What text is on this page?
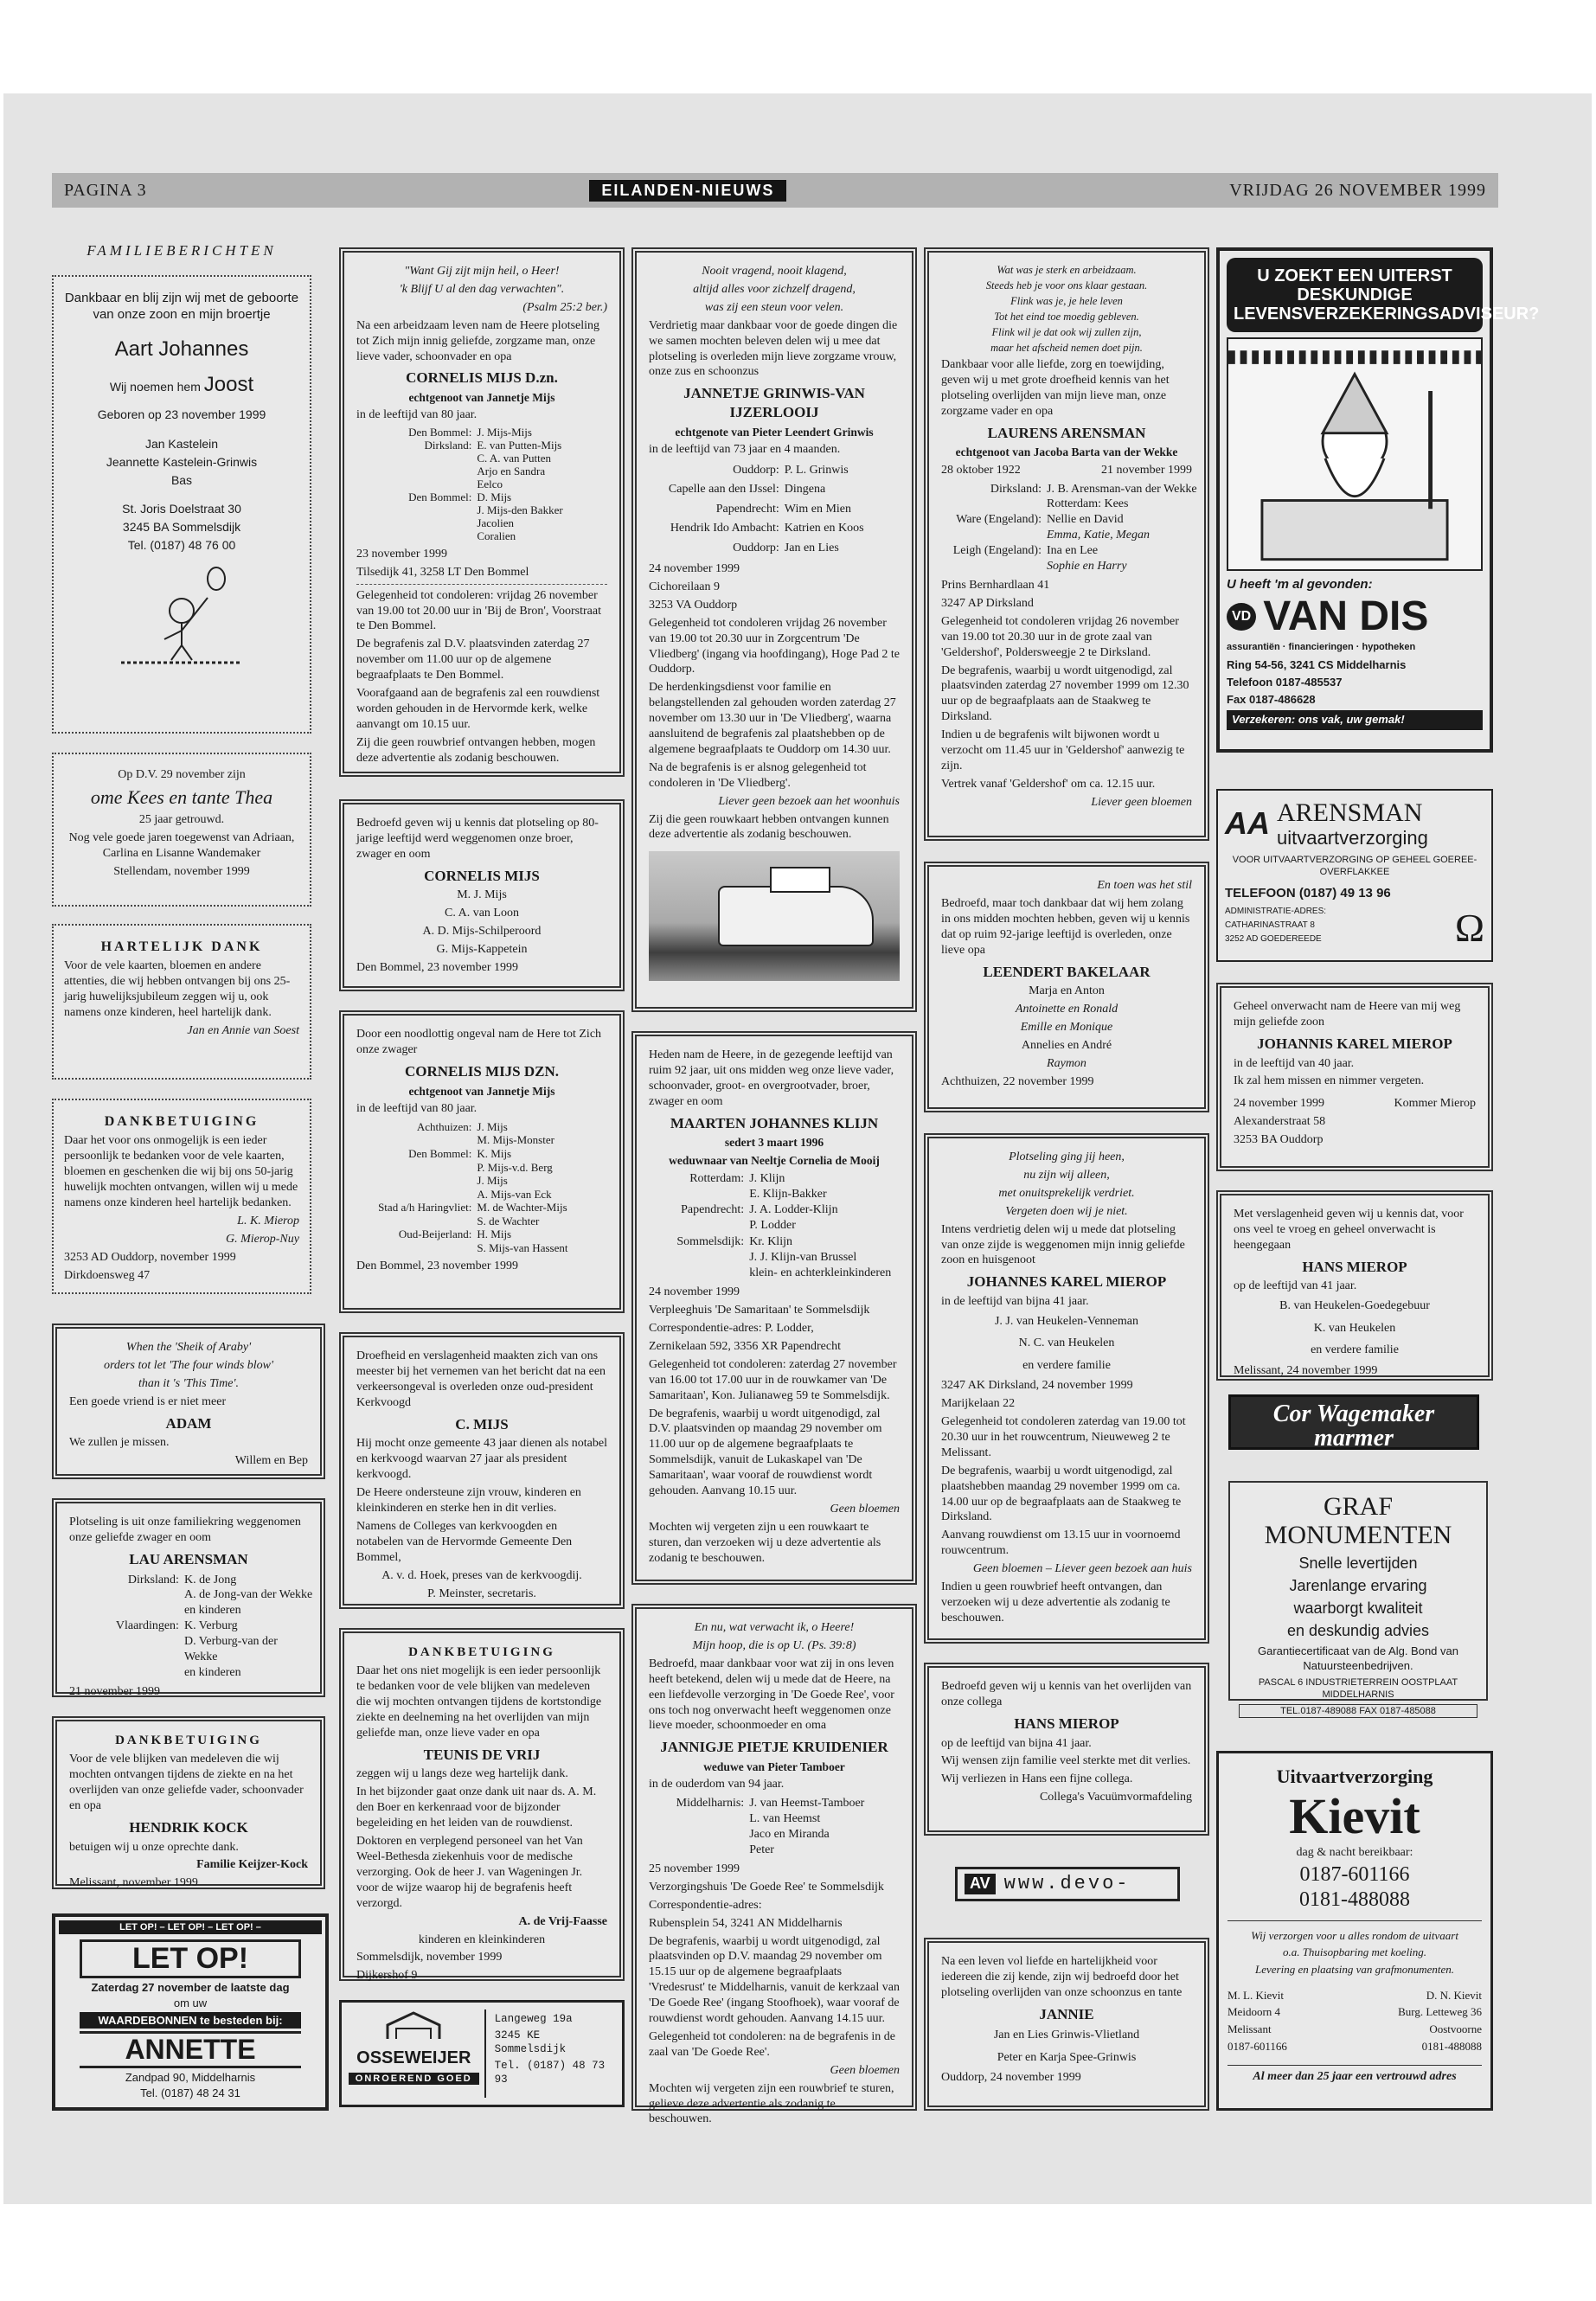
PAGINA 3	EILANDEN-NIEUWS	VRIJDAG 26 NOVEMBER 1999
FAMILIEBERICHTEN

Dankbaar en blij zijn wij met de geboorte van onze zoon en mijn broertje

Aart Johannes

Wij noemen hem Joost

Geboren op 23 november 1999

Jan Kastelein

Jeannette Kastelein-Grinwis

Bas

St. Joris Doelstraat 30

3245 BA Sommelsdijk

Tel. (0187) 48 76 00

Op D.V. 29 november zijn

ome Kees en tante Thea

25 jaar getrouwd.

Nog vele goede jaren toegewenst van Adriaan, Carlina en Lisanne Wandemaker

Stellendam, november 1999

HARTELIJK DANK

Voor de vele kaarten, bloemen en andere attenties, die wij hebben ontvangen bij ons 25-jarig huwelijksjubileum zeggen wij u, ook namens onze kinderen, heel hartelijk dank.

Jan en Annie van Soest

DANKBETUIGING

Daar het voor ons onmogelijk is een ieder persoonlijk te bedanken voor de vele kaarten, bloemen en geschenken die wij bij ons 50-jarig huwelijk mochten ontvangen, willen wij u mede namens onze kinderen heel hartelijk bedanken.

L. K. Mierop

G. Mierop-Nuy

3253 AD Ouddorp, november 1999

Dirkdoensweg 47

When the 'Sheik of Araby'

orders tot let 'The four winds blow'

than it 's 'This Time'.

Een goede vriend is er niet meer

ADAM

We zullen je missen.

Willem en Bep

Plotseling is uit onze familiekring weggenomen onze geliefde zwager en oom

LAU ARENSMAN

Dirksland: K. de Jong
A. de Jong-van der Wekke
en kinderen
Vlaardingen: K. Verburg
D. Verburg-van der Wekke
en kinderen

21 november 1999

DANKBETUIGING

Voor de vele blijken van medeleven die wij mochten ontvangen tijdens de ziekte en na het overlijden van onze geliefde vader, schoonvader en opa

HENDRIK KOCK

betuigen wij u onze oprechte dank.

Familie Keijzer-Kock

Melissant, november 1999

LET OP! – LET OP! – LET OP! –
LET OP!

Zaterdag 27 november de laatste dag

om uw

WAARDEBONNEN te besteden bij:

ANNETTE

Zandpad 90, Middelharnis

Tel. (0187) 48 24 31

"Want Gij zijt mijn heil, o Heer!

'k Blijf U al den dag verwachten".

(Psalm 25:2 ber.)

Na een arbeidzaam leven nam de Heere plotseling tot Zich mijn innig geliefde, zorgzame man, onze lieve vader, schoonvader en opa

CORNELIS MIJS D.zn.

echtgenoot van Jannetje Mijs

in de leeftijd van 80 jaar.

Den Bommel: J. Mijs-Mijs
Dirksland: E. van Putten-Mijs
C. A. van Putten
Arjo en Sandra
Eelco
Den Bommel: D. Mijs
J. Mijs-den Bakker
Jacolien
Coralien

23 november 1999

Tilsedijk 41, 3258 LT Den Bommel

Gelegenheid tot condoleren: vrijdag 26 november van 19.00 tot 20.00 uur in 'Bij de Bron', Voorstraat te Den Bommel.

De begrafenis zal D.V. plaatsvinden zaterdag 27 november om 11.00 uur op de algemene begraafplaats te Den Bommel.

Voorafgaand aan de begrafenis zal een rouwdienst worden gehouden in de Hervormde kerk, welke aanvangt om 10.15 uur.

Zij die geen rouwbrief ontvangen hebben, mogen deze advertentie als zodanig beschouwen.

Bedroefd geven wij u kennis dat plotseling op 80-jarige leeftijd werd weggenomen onze broer, zwager en oom

CORNELIS MIJS

M. J. Mijs

C. A. van Loon

A. D. Mijs-Schilperoord

G. Mijs-Kappetein

Den Bommel, 23 november 1999

Door een noodlottig ongeval nam de Here tot Zich onze zwager

CORNELIS MIJS DZN.

echtgenoot van Jannetje Mijs

in de leeftijd van 80 jaar.

Achthuizen: J. Mijs
M. Mijs-Monster
Den Bommel: K. Mijs
P. Mijs-v.d. Berg
J. Mijs
A. Mijs-van Eck
Stad a/h Haringvliet: M. de Wachter-Mijs
S. de Wachter
Oud-Beijerland: H. Mijs
S. Mijs-van Hassent

Den Bommel, 23 november 1999

Droefheid en verslagenheid maakten zich van ons meester bij het vernemen van het bericht dat na een verkeersongeval is overleden onze oud-president Kerkvoogd

C. MIJS

Hij mocht onze gemeente 43 jaar dienen als notabel en kerkvoogd waarvan 27 jaar als president kerkvoogd.

De Heere ondersteune zijn vrouw, kinderen en kleinkinderen en sterke hen in dit verlies.

Namens de Colleges van kerkvoogden en notabelen van de Hervormde Gemeente Den Bommel,

A. v. d. Hoek, preses van de kerkvoogdij.

P. Meinster, secretaris.

DANKBETUIGING

Daar het ons niet mogelijk is een ieder persoonlijk te bedanken voor de vele blijken van medeleven die wij mochten ontvangen tijdens de kortstondige ziekte en deelneming na het overlijden van mijn geliefde man, onze lieve vader en opa

TEUNIS DE VRIJ

zeggen wij u langs deze weg hartelijk dank.

In het bijzonder gaat onze dank uit naar ds. A. M. den Boer en kerkenraad voor de bijzonder begeleiding en het leiden van de rouwdienst.

Doktoren en verplegend personeel van het Van Weel-Bethesda ziekenhuis voor de medische verzorging. Ook de heer J. van Wageningen Jr. voor de wijze waarop hij de begrafenis heeft verzorgd.

A. de Vrij-Faasse

kinderen en kleinkinderen

Sommelsdijk, november 1999

Dijkershof 9

OSSEWEIJER

ONROEREND GOED

Langeweg 19a

3245 KE Sommelsdijk

Tel. (0187) 48 73 93

Nooit vragend, nooit klagend,

altijd alles voor zichzelf dragend,

was zij een steun voor velen.

Verdrietig maar dankbaar voor de goede dingen die we samen mochten beleven delen wij u mee dat plotseling is overleden mijn lieve zorgzame vrouw, onze zus en schoonzus

JANNETJE GRINWIS-VAN IJZERLOOIJ

echtgenote van Pieter Leendert Grinwis

in de leeftijd van 73 jaar en 4 maanden.

Ouddorp: P. L. Grinwis
Capelle aan den IJssel: Dingena
Papendrecht: Wim en Mien
Hendrik Ido Ambacht: Katrien en Koos
Ouddorp: Jan en Lies

24 november 1999

Cichoreilaan 9

3253 VA Ouddorp

Gelegenheid tot condoleren vrijdag 26 november van 19.00 tot 20.30 uur in Zorgcentrum 'De Vliedberg' (ingang via hoofdingang), Hoge Pad 2 te Ouddorp.

De herdenkingsdienst voor familie en belangstellenden zal gehouden worden zaterdag 27 november om 13.30 uur in 'De Vliedberg', waarna aansluitend de begrafenis zal plaatshebben op de algemene begraafplaats te Ouddorp om 14.30 uur.

Na de begrafenis is er alsnog gelegenheid tot condoleren in 'De Vliedberg'.

Liever geen bezoek aan het woonhuis

Zij die geen rouwkaart hebben ontvangen kunnen deze advertentie als zodanig beschouwen.

Heden nam de Heere, in de gezegende leeftijd van ruim 92 jaar, uit ons midden weg onze lieve vader, schoonvader, groot- en overgrootvader, broer, zwager en oom

MAARTEN JOHANNES KLIJN

sedert 3 maart 1996

weduwnaar van Neeltje Cornelia de Mooij

Rotterdam: J. Klijn
E. Klijn-Bakker
Papendrecht: J. A. Lodder-Klijn
P. Lodder
Sommelsdijk: Kr. Klijn
J. J. Klijn-van Brussel
klein- en achterkleinkinderen

24 november 1999

Verpleeghuis 'De Samaritaan' te Sommelsdijk

Correspondentie-adres: P. Lodder,

Zernikelaan 592, 3356 XR Papendrecht

Gelegenheid tot condoleren: zaterdag 27 november van 16.00 tot 17.00 uur in de rouwkamer van 'De Samaritaan', Kon. Julianaweg 59 te Sommelsdijk.

De begrafenis, waarbij u wordt uitgenodigd, zal D.V. plaatsvinden op maandag 29 november om 11.00 uur op de algemene begraafplaats te Sommelsdijk, vanuit de Lukaskapel van 'De Samaritaan', waar vooraf de rouwdienst wordt gehouden. Aanvang 10.15 uur.

Geen bloemen

Mochten wij vergeten zijn u een rouwkaart te sturen, dan verzoeken wij u deze advertentie als zodanig te beschouwen.

En nu, wat verwacht ik, o Heere!

Mijn hoop, die is op U. (Ps. 39:8)

Bedroefd, maar dankbaar voor wat zij in ons leven heeft betekend, delen wij u mede dat de Heere, na een liefdevolle verzorging in 'De Goede Ree', voor ons toch nog onverwacht heeft weggenomen onze lieve moeder, schoonmoeder en oma

JANNIGJE PIETJE KRUIDENIER

weduwe van Pieter Tamboer

in de ouderdom van 94 jaar.

Middelharnis: J. van Heemst-Tamboer
L. van Heemst
Jaco en Miranda
Peter

25 november 1999

Verzorgingshuis 'De Goede Ree' te Sommelsdijk

Correspondentie-adres:

Rubensplein 54, 3241 AN Middelharnis

De begrafenis, waarbij u wordt uitgenodigd, zal plaatsvinden op D.V. maandag 29 november om 15.15 uur op de algemene begraafplaats 'Vredesrust' te Middelharnis, vanuit de kerkzaal van 'De Goede Ree' (ingang Stoofhoek), waar vooraf de rouwdienst wordt gehouden. Aanvang 14.15 uur.

Gelegenheid tot condoleren: na de begrafenis in de zaal van 'De Goede Ree'.

Geen bloemen

Mochten wij vergeten zijn een rouwbrief te sturen, gelieve deze advertentie als zodanig te beschouwen.

Wat was je sterk en arbeidzaam.

Steeds heb je voor ons klaar gestaan.

Flink was je, je hele leven

Tot het eind toe moedig gebleven.

Flink wil je dat ook wij zullen zijn,

maar het afscheid nemen doet pijn.

Dankbaar voor alle liefde, zorg en toewijding, geven wij u met grote droefheid kennis van het plotseling overlijden van mijn lieve man, onze zorgzame vader en opa

LAURENS ARENSMAN

echtgenoot van Jacoba Barta van der Wekke

28 oktober 1922	21 november 1999

Dirksland: J. B. Arensman-van der Wekke
Rotterdam: Kees
Ware (Engeland): Nellie en David
Emma, Katie, Megan
Leigh (Engeland): Ina en Lee
Sophie en Harry

Prins Bernhardlaan 41

3247 AP Dirksland

Gelegenheid tot condoleren vrijdag 26 november van 19.00 tot 20.30 uur in de grote zaal van 'Geldershof', Poldersweegje 2 te Dirksland.

De begrafenis, waarbij u wordt uitgenodigd, zal plaatsvinden zaterdag 27 november 1999 om 12.30 uur op de begraafplaats aan de Staakweg te Dirksland.

Indien u de begrafenis wilt bijwonen wordt u verzocht om 11.45 uur in 'Geldershof' aanwezig te zijn.

Vertrek vanaf 'Geldershof' om ca. 12.15 uur.

Liever geen bloemen

En toen was het stil

Bedroefd, maar toch dankbaar dat wij hem zolang in ons midden mochten hebben, geven wij u kennis dat op ruim 92-jarige leeftijd is overleden, onze lieve opa

LEENDERT BAKELAAR

Marja en Anton

Antoinette en Ronald

Emille en Monique

Annelies en André

Raymon

Achthuizen, 22 november 1999

Plotseling ging jij heen,

nu zijn wij alleen,

met onuitsprekelijk verdriet.

Vergeten doen wij je niet.

Intens verdrietig delen wij u mede dat plotseling van onze zijde is weggenomen mijn innig geliefde zoon en huisgenoot

JOHANNES KAREL MIEROP

in de leeftijd van bijna 41 jaar.

J. J. van Heukelen-Venneman

N. C. van Heukelen

en verdere familie

3247 AK Dirksland, 24 november 1999

Marijkelaan 22

Gelegenheid tot condoleren zaterdag van 19.00 tot 20.30 uur in het rouwcentrum, Nieuweweg 2 te Melissant.

De begrafenis, waarbij u wordt uitgenodigd, zal plaatshebben maandag 29 november 1999 om ca. 14.00 uur op de begraafplaats aan de Staakweg te Dirksland.

Aanvang rouwdienst om 13.15 uur in voornoemd rouwcentrum.

Geen bloemen – Liever geen bezoek aan huis

Indien u geen rouwbrief heeft ontvangen, dan verzoeken wij u deze advertentie als zodanig te beschouwen.

Bedroefd geven wij u kennis van het overlijden van onze collega

HANS MIEROP

op de leeftijd van bijna 41 jaar.

Wij wensen zijn familie veel sterkte met dit verlies.

Wij verliezen in Hans een fijne collega.

Collega's Vacuümvormafdeling

AV www.devo-

Na een leven vol liefde en hartelijkheid voor iedereen die zij kende, zijn wij bedroefd door het plotseling overlijden van onze schoonzus en tante

JANNIE

Jan en Lies Grinwis-Vlietland

Peter en Karja Spee-Grinwis

Ouddorp, 24 november 1999

U ZOEKT EEN UITERST DESKUNDIGE LEVENSVERZEKERINGSADVISEUR?

U heeft 'm al gevonden:

VD VAN DIS

assurantiën · financieringen · hypotheken

Ring 54-56, 3241 CS Middelharnis

Telefoon 0187-485537

Fax 0187-486628

Verzekeren: ons vak, uw gemak!

AA ARENSMAN

uitvaartverzorging

VOOR UITVAARTVERZORGING OP GEHEEL GOEREE-OVERFLAKKEE

TELEFOON (0187) 49 13 96

ADMINISTRATIE-ADRES:

CATHARINASTRAAT 8

3252 AD GOEDEREEDE	Ω

Geheel onverwacht nam de Heere van mij weg mijn geliefde zoon

JOHANNIS KAREL MIEROP

in de leeftijd van 40 jaar.

Ik zal hem missen en nimmer vergeten.

24 november 1999	Kommer Mierop

Alexanderstraat 58

3253 BA Ouddorp

Met verslagenheid geven wij u kennis dat, voor ons veel te vroeg en geheel onverwacht is heengegaan

HANS MIEROP

op de leeftijd van 41 jaar.

B. van Heukelen-Goedegebuur

K. van Heukelen

en verdere familie

Melissant, 24 november 1999

Cor Wagemaker marmer

GRAF

MONUMENTEN

Snelle levertijden

Jarenlange ervaring

waarborgt kwaliteit

en deskundig advies

Garantiecertificaat van de Alg. Bond van Natuursteenbedrijven.

PASCAL 6 INDUSTRIETERREIN OOSTPLAAT MIDDELHARNIS

TEL.0187-489088 FAX 0187-485088

Uitvaartverzorging

Kievit

dag & nacht bereikbaar:

0187-601166

0181-488088

Wij verzorgen voor u alles rondom de uitvaart

o.a. Thuisopbaring met koeling.

Levering en plaatsing van grafmonumenten.

M. L. Kievit

Meidoorn 4

Melissant

0187-601166

D. N. Kievit

Burg. Letteweg 36

Oostvoorne

0181-488088

Al meer dan 25 jaar een vertrouwd adres
